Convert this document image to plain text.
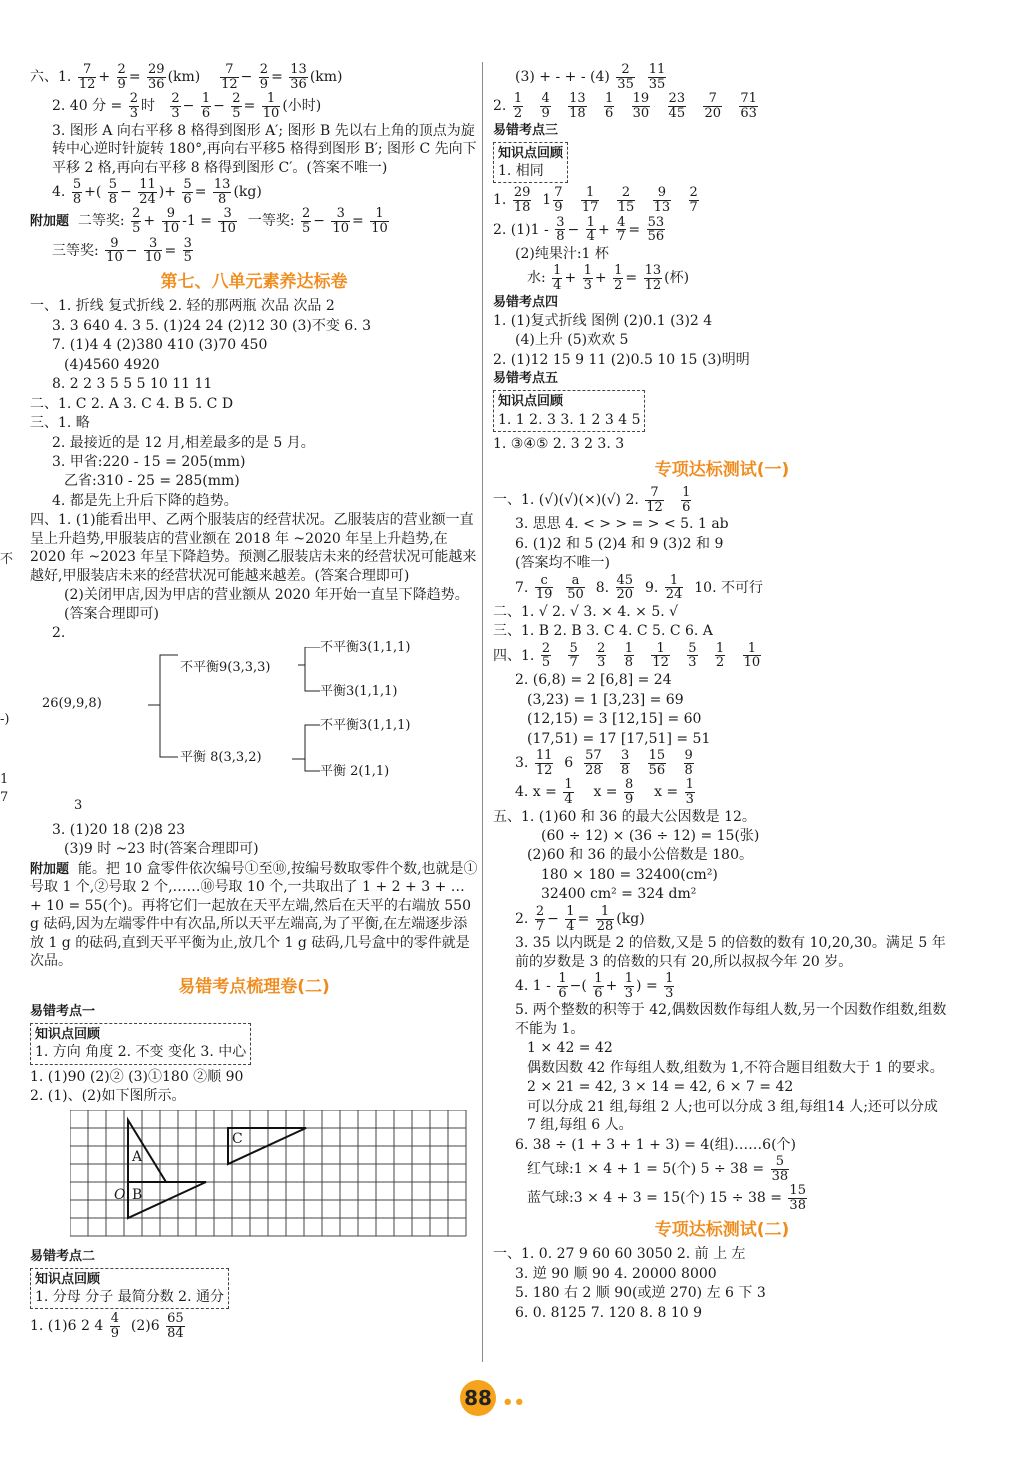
不
-)
1
7
六、1. $\frac{7}{12} + \frac{2}{9} = \frac{29}{36} (km) \frac{7}{12} - \frac{2}{9} = \frac{13}{36} (km)$
2. 40 分 = $\frac{2}{3}$ 时 $\frac{2}{3} - \frac{1}{6} - \frac{2}{5} = \frac{1}{10}$ (小时)
3. 图形 A 向右平移 8 格得到图形 A′; 图形 B 先以右上角的顶点为旋转中心逆时针旋转 180°,再向右平移5 格得到图形 B′; 图形 C 先向下平移 2 格,再向右平移 8 格得到图形 C′。(答案不唯一)
4. $\frac{5}{8}$ +( $\frac{5}{8} - \frac{11}{24}$ )+ $\frac{5}{6} = \frac{13}{8} (kg)$
附加题 二等奖: $\frac{2}{5} + \frac{9}{10} -1 = \frac{3}{10}$ 一等奖: $\frac{2}{5} - \frac{3}{10} = \frac{1}{10}$
三等奖: $\frac{9}{10} - \frac{3}{10} = \frac{3}{5}$
第七、八单元素养达标卷
一、1. 折线 复式折线 2. 轻的那两瓶 次品 次品 2
3. 3 640 4. 3 5. (1)24 24 (2)12 30 (3)不变 6. 3
7. (1)4 4 (2)380 410 (3)70 450
(4)4560 4920
8. 2 2 3 5 5 5 10 11 11
二、1. C 2. A 3. C 4. B 5. C D
三、1. 略
2. 最接近的是 12 月,相差最多的是 5 月。
3. 甲省:220 - 15 = 205(mm)
乙省:310 - 25 = 285(mm)
4. 都是先上升后下降的趋势。
四、1. (1)能看出甲、乙两个服装店的经营状况。乙服装店的营业额一直呈上升趋势,甲服装店的营业额在 2018 年 ~2020 年呈上升趋势,在 2020 年 ~2023 年呈下降趋势。预测乙服装店未来的经营状况可能越来越好,甲服装店未来的经营状况可能越来越差。(答案合理即可)
(2)关闭甲店,因为甲店的营业额从 2020 年开始一直呈下降趋势。(答案合理即可)
2.
26(9,9,8)
不平衡9(3,3,3)
不平衡3(1,1,1)
平衡3(1,1,1)
平衡 8(3,3,2)
不平衡3(1,1,1)
平衡 2(1,1)
3
3. (1)20 18 (2)8 23
(3)9 时 ~23 时(答案合理即可)
附加题 能。把 10 盒零件依次编号①至⑩,按编号数取零件个数,也就是①号取 1 个,②号取 2 个,……⑩号取 10 个,一共取出了 1 + 2 + 3 + … + 10 = 55(个)。再将它们一起放在天平左端,然后在天平的右端放 550 g 砝码,因为左端零件中有次品,所以天平左端高,为了平衡,在左端逐步添放 1 g 的砝码,直到天平平衡为止,放几个 1 g 砝码,几号盒中的零件就是次品。
易错考点梳理卷(二)
易错考点一
知识点回顾
1. 方向 角度 2. 不变 变化 3. 中心
1. (1)90 (2)② (3)①180 ②顺 90
2. (1)、(2)如下图所示。
A
B
O
C
易错考点二
知识点回顾
1. 分母 分子 最简分数 2. 通分
1. (1)6 2 $4 \frac{4}{9} (2)6 \frac{65}{84}$
(3) + - + - $(4) \frac{2}{35}$
$\frac{11}{35}$
2. $\frac{1}{2}$
$\frac{4}{9}$
$\frac{13}{18}$
$\frac{1}{6}$
$\frac{19}{30}$
$\frac{23}{45}$
$\frac{7}{20}$
$\frac{71}{63}$
易错考点三
知识点回顾
1. 相同
1. $\frac{29}{18} 1 \frac{7}{9}$
$\frac{1}{17}$
$\frac{2}{15}$
$\frac{9}{13}$
$\frac{2}{7}$
2. $(1)1 - \frac{3}{8} - \frac{1}{4} + \frac{4}{7} = \frac{53}{56}$
(2)纯果汁:1 杯
水: $\frac{1}{4} + \frac{1}{3} + \frac{1}{2} = \frac{13}{12}$ (杯)
易错考点四
1. (1)复式折线 图例 (2)0.1 (3)2 4
(4)上升 (5)欢欢 5
2. (1)12 15 9 11 (2)0.5 10 15 (3)明明
易错考点五
知识点回顾
1. 1 2. 3 3. 1 2 3 4 5
1. ③④⑤ 2. 3 2 3. 3
专项达标测试(一)
一、1. (√)(√)(×)(√) 2. $\frac{7}{12}$
$\frac{1}{6}$
3. 思思 4. < > > = > < 5. 1 ab
6. (1)2 和 5 (2)4 和 9 (3)2 和 9
(答案均不唯一)
7. $\frac{c}{19}$
$\frac{a}{50} 8$. $\frac{45}{20} 9$. $\frac{1}{24} 10$. 不可行
二、1. √ 2. √ 3. × 4. × 5. √
三、1. B 2. B 3. C 4. C 5. C 6. A
四、1. $\frac{2}{5}$
$\frac{5}{7}$
$\frac{2}{3}$
$\frac{1}{8}$
$\frac{1}{12}$
$\frac{5}{3}$
$\frac{1}{2}$
$\frac{1}{10}$
2. (6,8) = 2 [6,8] = 24
(3,23) = 1 [3,23] = 69
(12,15) = 3 [12,15] = 60
(17,51) = 17 [17,51] = 51
3. $\frac{11}{12} 6 \frac{57}{28}$
$\frac{3}{8}$
$\frac{15}{56}$
$\frac{9}{8}$
4. $x = \frac{1}{4}$ $x = \frac{8}{9}$ $x = \frac{1}{3}$
五、1. (1)60 和 36 的最大公因数是 12。
(60 ÷ 12) × (36 ÷ 12) = 15(张)
(2)60 和 36 的最小公倍数是 180。
180 × 180 = 32400(cm²)
32400 cm² = 324 dm²
2. $\frac{2}{7} - \frac{1}{4} = \frac{1}{28} (kg)$
3. 35 以内既是 2 的倍数,又是 5 的倍数的数有 10,20,30。满足 5 年前的岁数是 3 的倍数的只有 20,所以叔叔今年 20 岁。
4. $1 - \frac{1}{6}$ −( $\frac{1}{6} + \frac{1}{3}$ ) = $\frac{1}{3}$
5. 两个整数的积等于 42,偶数因数作每组人数,另一个因数作组数,组数不能为 1。
1 × 42 = 42
偶数因数 42 作每组人数,组数为 1,不符合题目组数大于 1 的要求。
2 × 21 = 42, 3 × 14 = 42, 6 × 7 = 42
可以分成 21 组,每组 2 人;也可以分成 3 组,每组14 人;还可以分成 7 组,每组 6 人。
6. 38 ÷ (1 + 3 + 1 + 3) = 4(组)……6(个)
红气球:1 × 4 + 1 = 5(个) $5 \div 38 = \frac{5}{38}$
蓝气球:3 × 4 + 3 = 15(个) $15 \div 38 = \frac{15}{38}$
专项达标测试(二)
一、1. 0. 27 9 60 60 3050 2. 前 上 左
3. 逆 90 顺 90 4. 20000 8000
5. 180 右 2 顺 90(或逆 270) 左 6 下 3
6. 0. 8125 7. 120 8. 8 10 9
88 ••
